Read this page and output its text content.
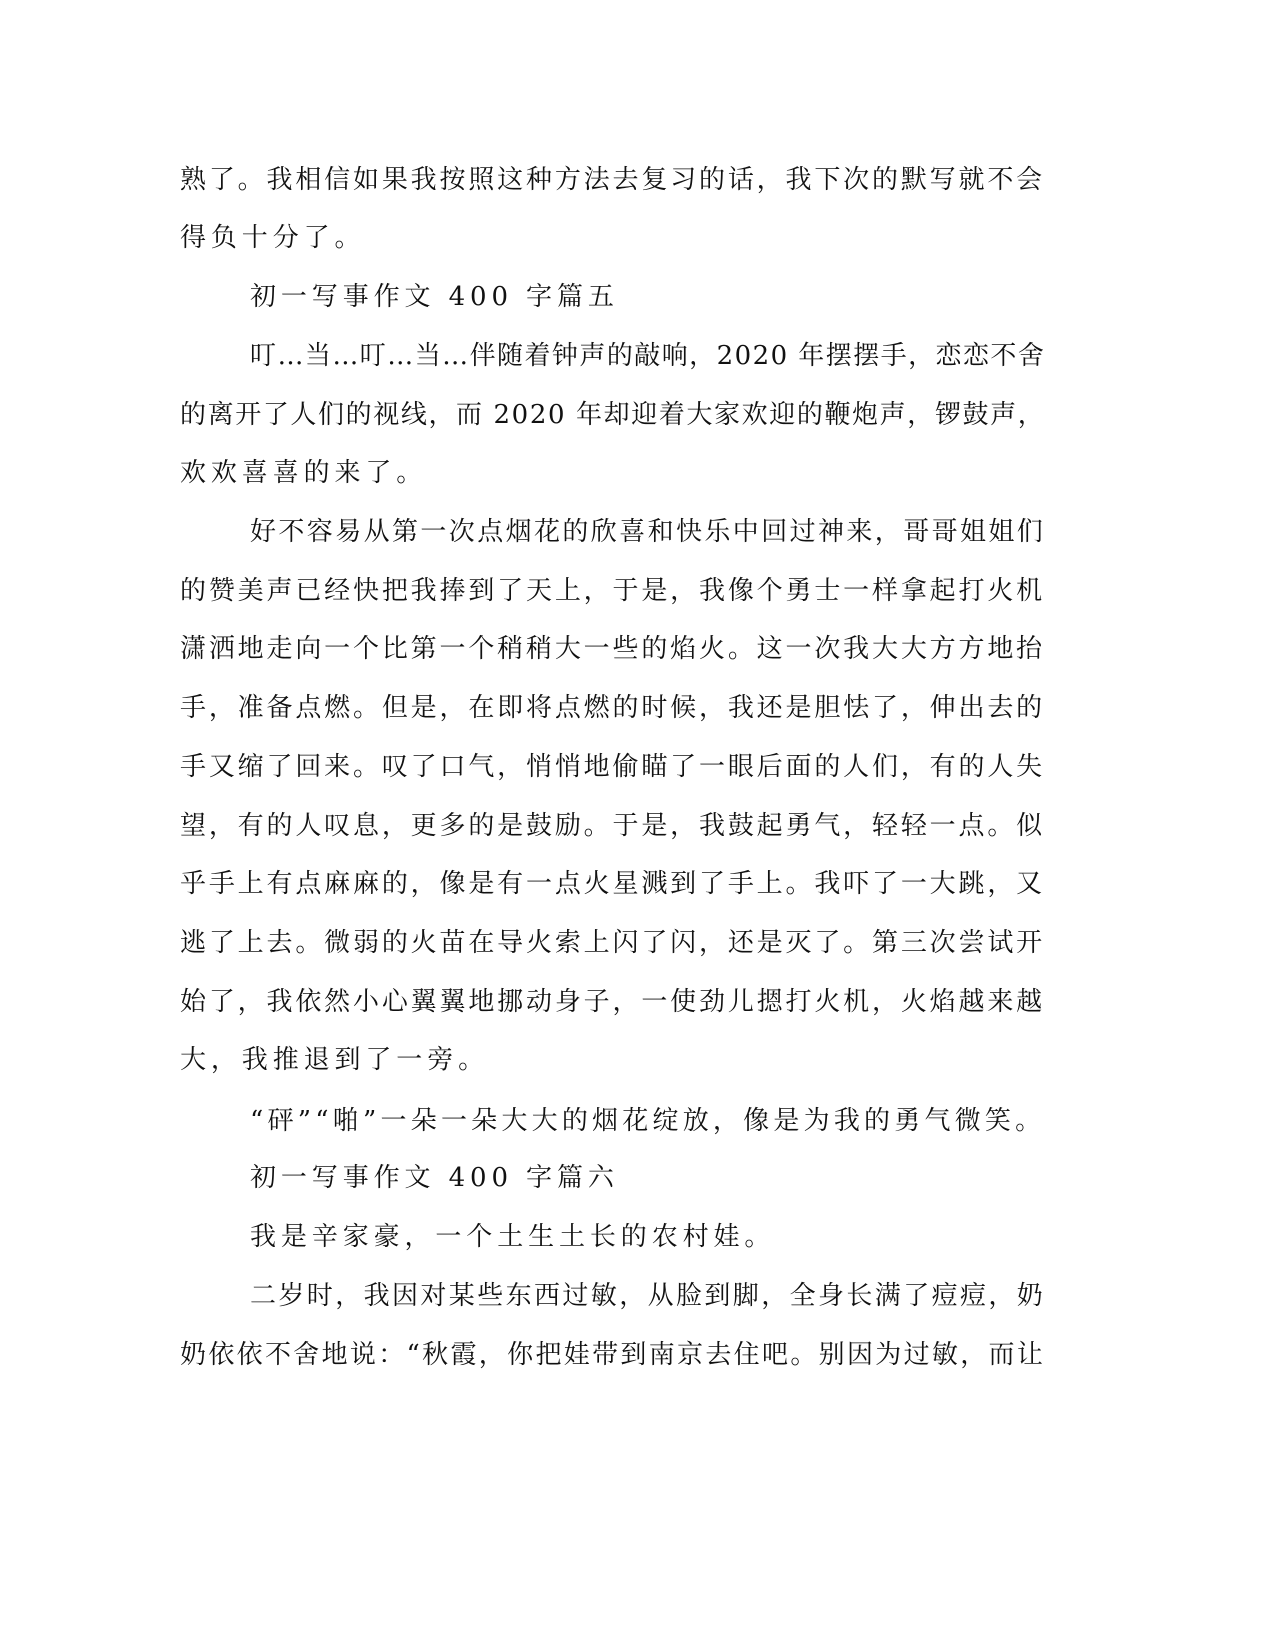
熟了。我相信如果我按照这种方法去复习的话，我下次的默写就不会

得负十分了。

初一写事作文 400 字篇五

叮…当…叮…当…伴随着钟声的敲响，2020 年摆摆手，恋恋不舍

的离开了人们的视线，而 2020 年却迎着大家欢迎的鞭炮声，锣鼓声，

欢欢喜喜的来了。

好不容易从第一次点烟花的欣喜和快乐中回过神来，哥哥姐姐们

的赞美声已经快把我捧到了天上，于是，我像个勇士一样拿起打火机

潇洒地走向一个比第一个稍稍大一些的焰火。这一次我大大方方地抬

手，准备点燃。但是，在即将点燃的时候，我还是胆怯了，伸出去的

手又缩了回来。叹了口气，悄悄地偷瞄了一眼后面的人们，有的人失

望，有的人叹息，更多的是鼓励。于是，我鼓起勇气，轻轻一点。似

乎手上有点麻麻的，像是有一点火星溅到了手上。我吓了一大跳，又

逃了上去。微弱的火苗在导火索上闪了闪，还是灭了。第三次尝试开

始了，我依然小心翼翼地挪动身子，一使劲儿摁打火机，火焰越来越

大，我推退到了一旁。

“砰”“啪”一朵一朵大大的烟花绽放，像是为我的勇气微笑。

初一写事作文 400 字篇六

我是辛家豪，一个土生土长的农村娃。

二岁时，我因对某些东西过敏，从脸到脚，全身长满了痘痘，奶

奶依依不舍地说：“秋霞，你把娃带到南京去住吧。别因为过敏，而让
